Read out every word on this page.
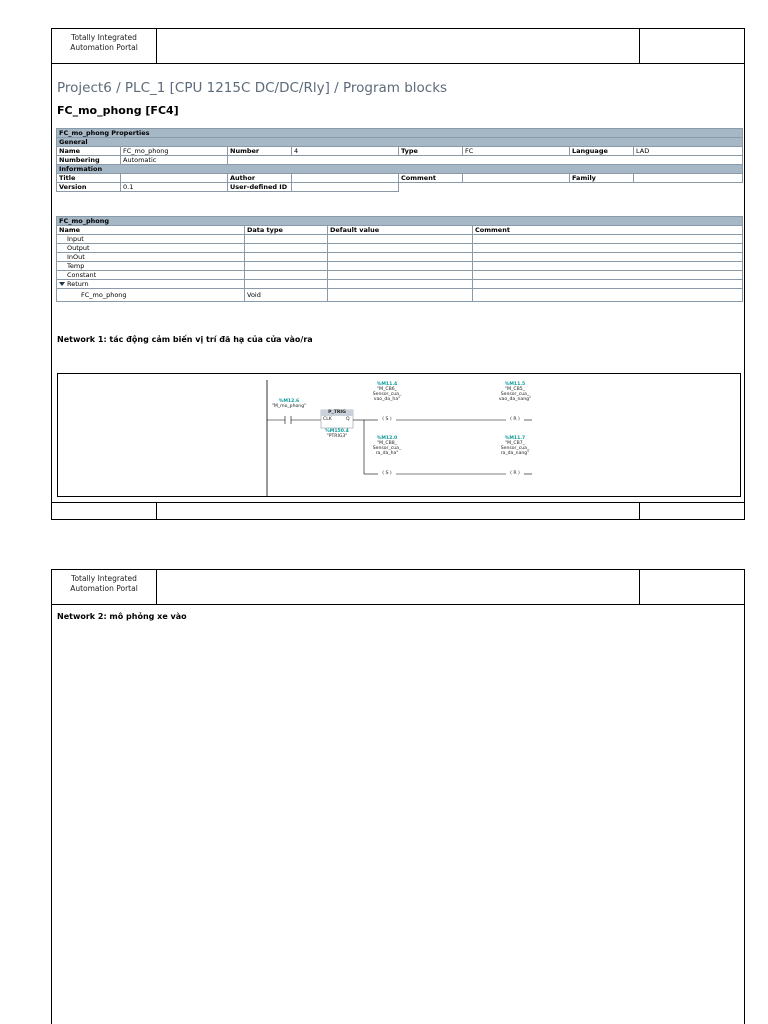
Totally Integrated
Automation Portal
Project6 / PLC_1 [CPU 1215C DC/DC/Rly] / Program blocks
FC_mo_phong [FC4]
FC_mo_phong Properties							
General							
Name	FC_mo_phong	Number	4	Type	FC	Language	LAD
Numbering	Automatic						
Information							
Title		Author		Comment		Family	
Version	0.1	User-defined ID					
FC_mo_phong			
Name	Data type	Default value	Comment
Input			
Output			
InOut			
Temp			
Constant			
Return			
FC_mo_phong	Void		
Network 1: tác động cảm biến vị trí đã hạ của cửa vào/ra
%M12.6
"M_mo_phong"
P_TRIG
CLK	Q
%M150.4
"PTRIG3"
%M11.4
"M_CB6_
Sensor_cua_
vao_da_ha"
( S )
%M11.5
"M_CB5_
Sensor_cua_
vao_da_nang"
( R )
%M12.0
"M_CB8_
Sensor_cua_
ra_da_ha"
( S )
%M11.7
"M_CB7_
Sensor_cua_
ra_da_nang"
( R )
Totally Integrated
Automation Portal
Network 2: mô phỏng xe vào
